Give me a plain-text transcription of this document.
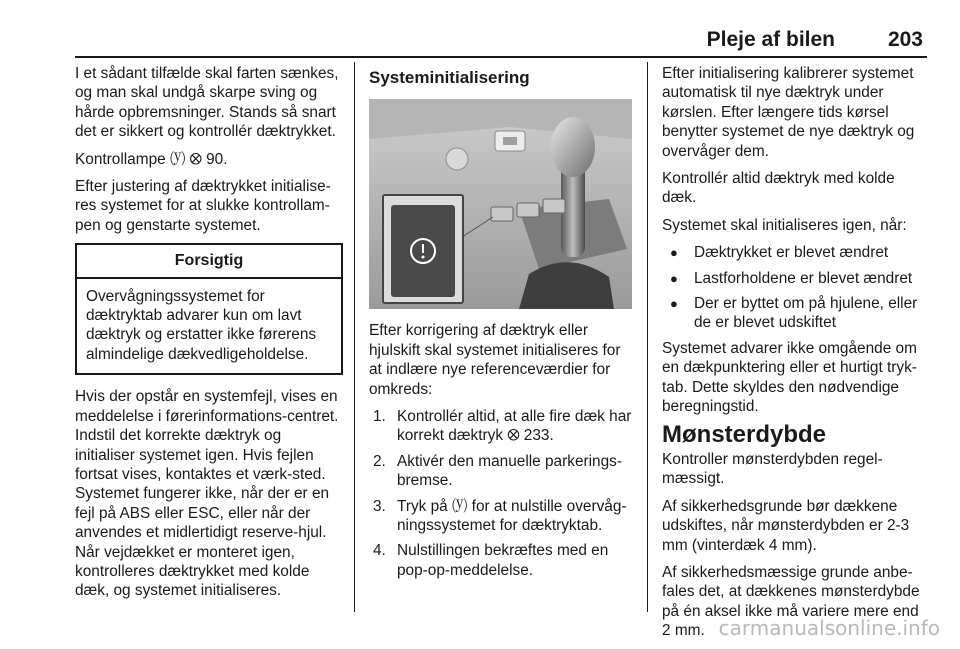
Pleje af bilen	203

I et sådant tilfælde skal farten sænkes, og man skal undgå skarpe sving og hårde opbremsninger. Stands så snart det er sikkert og kontrollér dæktrykket.

Kontrollampe ⒴ ⭙ 90.

Efter justering af dæktrykket initialise-res systemet for at slukke kontrollam-pen og genstarte systemet.

Forsigtig
Overvågningssystemet for dæktryktab advarer kun om lavt dæktryk og erstatter ikke førerens almindelige dækvedligeholdelse.

Hvis der opstår en systemfejl, vises en meddelelse i førerinformations-centret. Indstil det korrekte dæktryk og initialiser systemet igen. Hvis fejlen fortsat vises, kontaktes et værk-sted. Systemet fungerer ikke, når der er en fejl på ABS eller ESC, eller når der anvendes et midlertidigt reserve-hjul. Når vejdækket er monteret igen, kontrolleres dæktrykket med kolde dæk, og systemet initialiseres.

Systeminitialisering

Efter korrigering af dæktryk eller hjulskift skal systemet initialiseres for at indlære nye referenceværdier for omkreds:

1. Kontrollér altid, at alle fire dæk har korrekt dæktryk ⭙ 233.
2. Aktivér den manuelle parkerings-bremse.
3. Tryk på ⒴ for at nulstille overvåg-ningssystemet for dæktryktab.
4. Nulstillingen bekræftes med en pop-op-meddelelse.

Efter initialisering kalibrerer systemet automatisk til nye dæktryk under kørslen. Efter længere tids kørsel benytter systemet de nye dæktryk og overvåger dem.

Kontrollér altid dæktryk med kolde dæk.

Systemet skal initialiseres igen, når:

●	Dæktrykket er blevet ændret
●	Lastforholdene er blevet ændret
●	Der er byttet om på hjulene, eller de er blevet udskiftet

Systemet advarer ikke omgående om en dækpunktering eller et hurtigt tryk-tab. Dette skyldes den nødvendige beregningstid.

Mønsterdybde

Kontroller mønsterdybden regel-mæssigt.

Af sikkerhedsgrunde bør dækkene udskiftes, når mønsterdybden er 2-3 mm (vinterdæk 4 mm).

Af sikkerhedsmæssige grunde anbe-fales det, at dækkenes mønsterdybde på én aksel ikke må variere mere end 2 mm. carmanualsonline.info
